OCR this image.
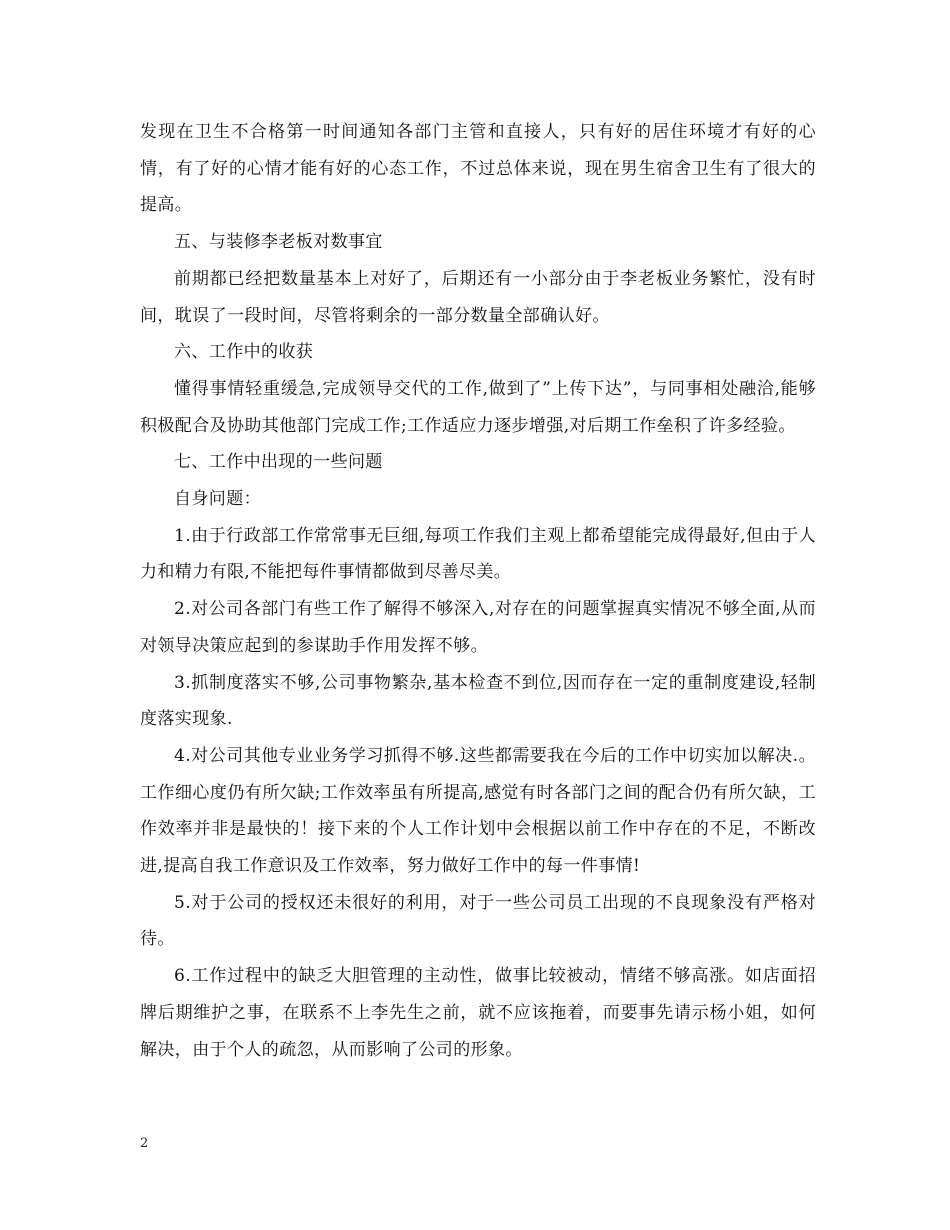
发现在卫生不合格第一时间通知各部门主管和直接人，只有好的居住环境才有好的心情，有了好的心情才能有好的心态工作，不过总体来说，现在男生宿舍卫生有了很大的提高。

五、与装修李老板对数事宜

前期都已经把数量基本上对好了，后期还有一小部分由于李老板业务繁忙，没有时间，耽误了一段时间，尽管将剩余的一部分数量全部确认好。

六、工作中的收获

懂得事情轻重缓急,完成领导交代的工作,做到了”上传下达”，与同事相处融洽,能够积极配合及协助其他部门完成工作;工作适应力逐步增强,对后期工作垒积了许多经验。

七、工作中出现的一些问题

自身问题：

1.由于行政部工作常常事无巨细,每项工作我们主观上都希望能完成得最好,但由于人力和精力有限,不能把每件事情都做到尽善尽美。

2.对公司各部门有些工作了解得不够深入,对存在的问题掌握真实情况不够全面,从而对领导决策应起到的参谋助手作用发挥不够。

3.抓制度落实不够,公司事物繁杂,基本检查不到位,因而存在一定的重制度建设,轻制度落实现象.

4.对公司其他专业业务学习抓得不够.这些都需要我在今后的工作中切实加以解决.。工作细心度仍有所欠缺;工作效率虽有所提高,感觉有时各部门之间的配合仍有所欠缺，工作效率并非是最快的！接下来的个人工作计划中会根据以前工作中存在的不足，不断改进,提高自我工作意识及工作效率，努力做好工作中的每一件事情!

5.对于公司的授权还未很好的利用，对于一些公司员工出现的不良现象没有严格对待。

6.工作过程中的缺乏大胆管理的主动性，做事比较被动，情绪不够高涨。如店面招牌后期维护之事，在联系不上李先生之前，就不应该拖着，而要事先请示杨小姐，如何解决，由于个人的疏忽，从而影响了公司的形象。

2
